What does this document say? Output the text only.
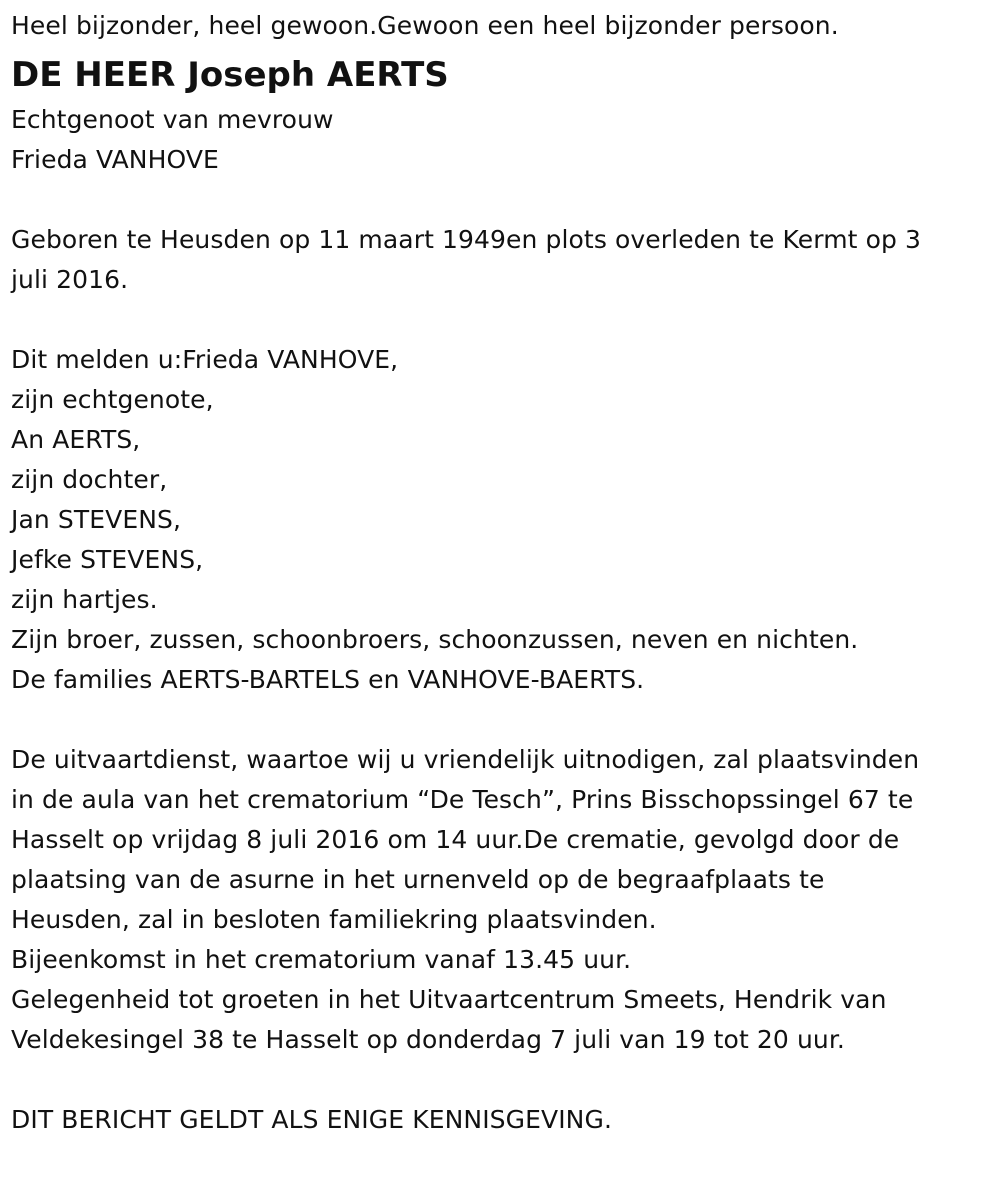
Heel bijzonder, heel gewoon.Gewoon een heel bijzonder persoon.
DE HEER Joseph AERTS
Echtgenoot van mevrouw
Frieda VANHOVE
Geboren te Heusden op 11 maart 1949en plots overleden te Kermt op 3
juli 2016.
Dit melden u:Frieda VANHOVE,
zijn echtgenote,
An AERTS,
zijn dochter,
Jan STEVENS,
Jefke STEVENS,
zijn hartjes.
Zijn broer, zussen, schoonbroers, schoonzussen, neven en nichten.
De families AERTS-BARTELS en VANHOVE-BAERTS.
De uitvaartdienst, waartoe wij u vriendelijk uitnodigen, zal plaatsvinden
in de aula van het crematorium “De Tesch”, Prins Bisschopssingel 67 te
Hasselt op vrijdag 8 juli 2016 om 14 uur.De crematie, gevolgd door de
plaatsing van de asurne in het urnenveld op de begraafplaats te
Heusden, zal in besloten familiekring plaatsvinden.
Bijeenkomst in het crematorium vanaf 13.45 uur.
Gelegenheid tot groeten in het Uitvaartcentrum Smeets, Hendrik van
Veldekesingel 38 te Hasselt op donderdag 7 juli van 19 tot 20 uur.
DIT BERICHT GELDT ALS ENIGE KENNISGEVING.
